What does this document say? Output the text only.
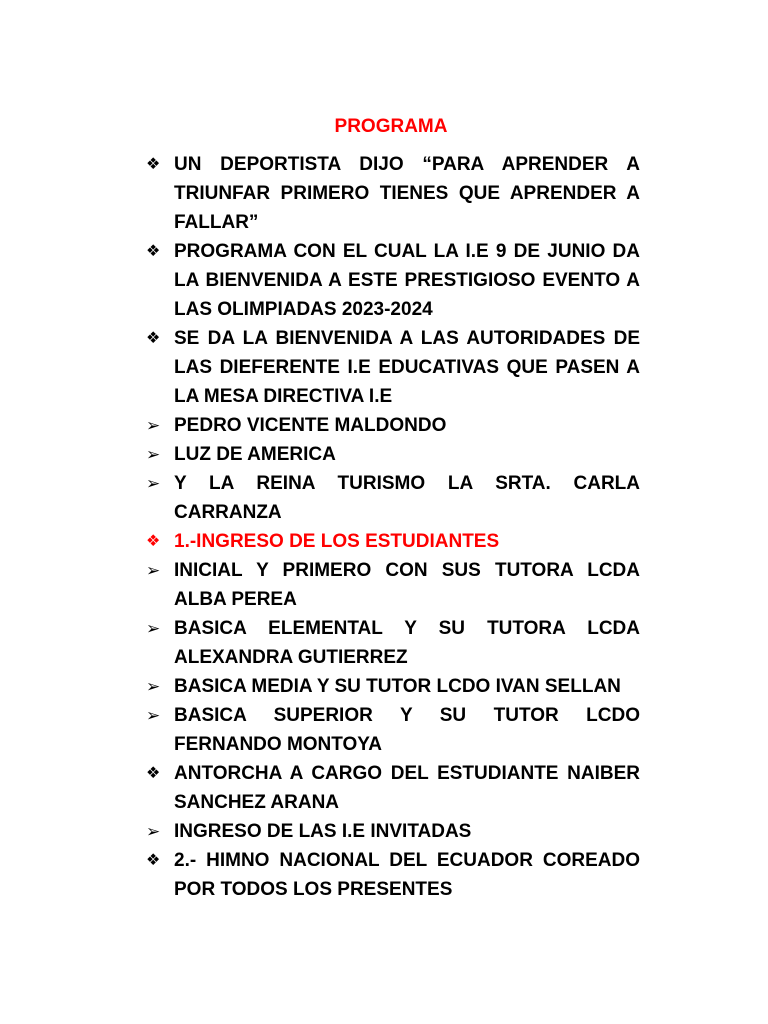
PROGRAMA
❖ UN DEPORTISTA DIJO “PARA APRENDER A TRIUNFAR PRIMERO TIENES QUE APRENDER A FALLAR”
❖ PROGRAMA CON EL CUAL LA I.E 9 DE JUNIO DA LA BIENVENIDA A ESTE PRESTIGIOSO EVENTO A LAS OLIMPIADAS 2023-2024
❖ SE DA LA BIENVENIDA A LAS AUTORIDADES DE LAS DIEFERENTE I.E EDUCATIVAS QUE PASEN A LA MESA DIRECTIVA I.E
➢ PEDRO VICENTE MALDONDO
➢ LUZ DE AMERICA
➢ Y LA REINA TURISMO LA SRTA. CARLA CARRANZA
❖ 1.-INGRESO DE LOS ESTUDIANTES
➢ INICIAL Y PRIMERO CON SUS TUTORA LCDA ALBA PEREA
➢ BASICA ELEMENTAL Y SU TUTORA LCDA ALEXANDRA GUTIERREZ
➢ BASICA MEDIA Y SU TUTOR LCDO IVAN SELLAN
➢ BASICA SUPERIOR Y SU TUTOR LCDO FERNANDO MONTOYA
❖ ANTORCHA A CARGO DEL ESTUDIANTE NAIBER SANCHEZ ARANA
➢ INGRESO DE LAS I.E INVITADAS
❖ 2.- HIMNO NACIONAL DEL ECUADOR COREADO POR TODOS LOS PRESENTES
